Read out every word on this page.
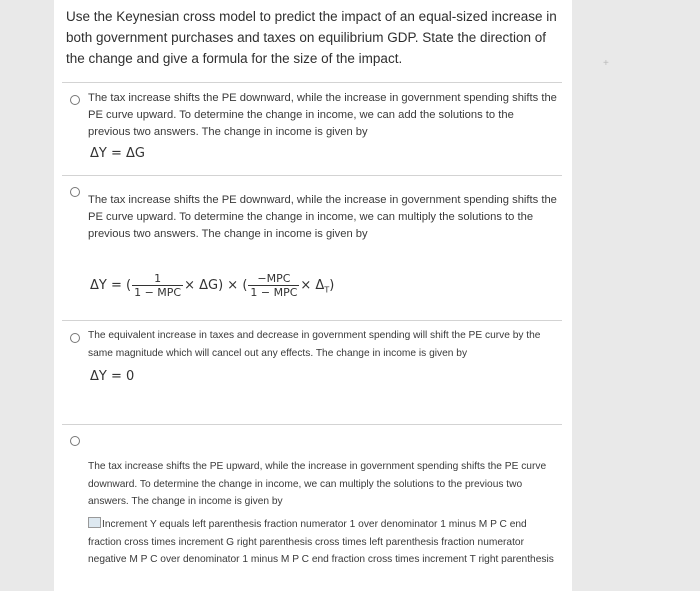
Use the Keynesian cross model to predict the impact of an equal-sized increase in both government purchases and taxes on equilibrium GDP. State the direction of the change and give a formula for the size of the impact.
The tax increase shifts the PE downward, while the increase in government spending shifts the PE curve upward. To determine the change in income, we can add the solutions to the previous two answers. The change in income is given by
ΔY = ΔG
The tax increase shifts the PE downward, while the increase in government spending shifts the PE curve upward. To determine the change in income, we can multiply the solutions to the previous two answers. The change in income is given by
ΔY = ( $\frac{1}{\text{1 − MPC}} \times \Delta G$) × ( $\frac{\text{−MPC}}{\text{1 − MPC}} \times \Delta_T$)
The equivalent increase in taxes and decrease in government spending will shift the PE curve by the same magnitude which will cancel out any effects. The change in income is given by
ΔY = 0
The tax increase shifts the PE upward, while the increase in government spending shifts the PE curve downward. To determine the change in income, we can multiply the solutions to the previous two answers. The change in income is given by
Increment Y equals left parenthesis fraction numerator 1 over denominator 1 minus M P C end fraction cross times increment G right parenthesis cross times left parenthesis fraction numerator negative M P C over denominator 1 minus M P C end fraction cross times increment T right parenthesis
+
